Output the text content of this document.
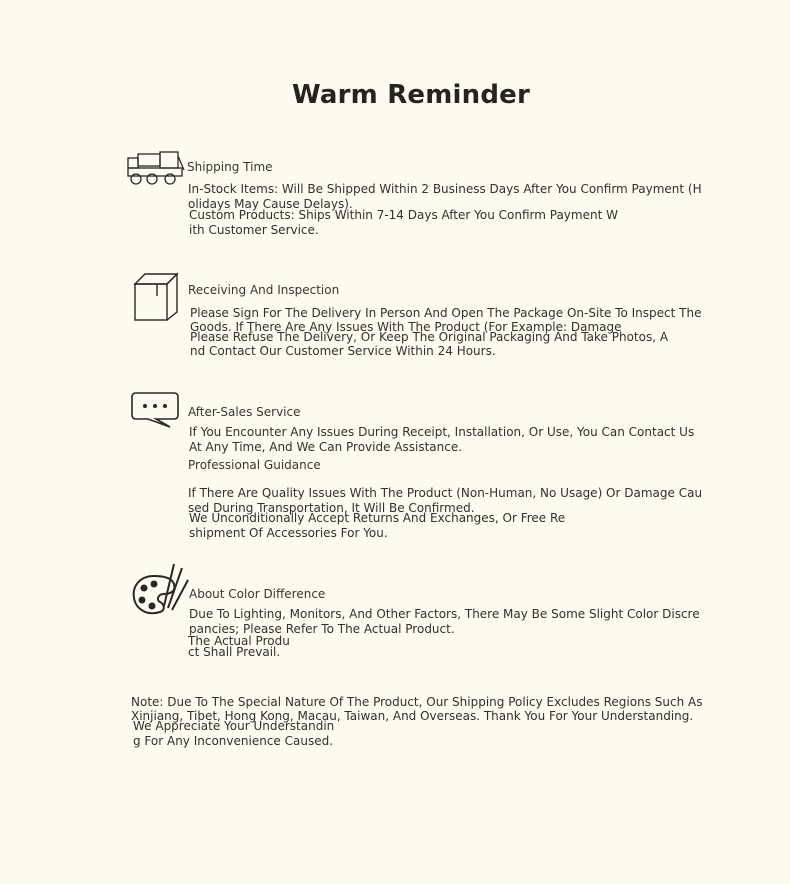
Warm Reminder
Shipping Time
In-Stock Items: Will Be Shipped Within 2 Business Days After You Confirm Payment (H
olidays May Cause Delays).
Custom Products: Ships Within 7-14 Days After You Confirm Payment W
ith Customer Service.
Receiving And Inspection
Please Sign For The Delivery In Person And Open The Package On-Site To Inspect The
Goods. If There Are Any Issues With The Product (For Example: Damage
Please Refuse The Delivery, Or Keep The Original Packaging And Take Photos, A
nd Contact Our Customer Service Within 24 Hours.
After-Sales Service
If You Encounter Any Issues During Receipt, Installation, Or Use, You Can Contact Us
At Any Time, And We Can Provide Assistance.
Professional Guidance
If There Are Quality Issues With The Product (Non-Human, No Usage) Or Damage Cau
sed During Transportation, It Will Be Confirmed.
We Unconditionally Accept Returns And Exchanges, Or Free Re
shipment Of Accessories For You.
About Color Difference
Due To Lighting, Monitors, And Other Factors, There May Be Some Slight Color Discre
pancies; Please Refer To The Actual Product.
The Actual Produ
ct Shall Prevail.
Note: Due To The Special Nature Of The Product, Our Shipping Policy Excludes Regions Such As
Xinjiang, Tibet, Hong Kong, Macau, Taiwan, And Overseas. Thank You For Your Understanding.
We Appreciate Your Understandin
g For Any Inconvenience Caused.
